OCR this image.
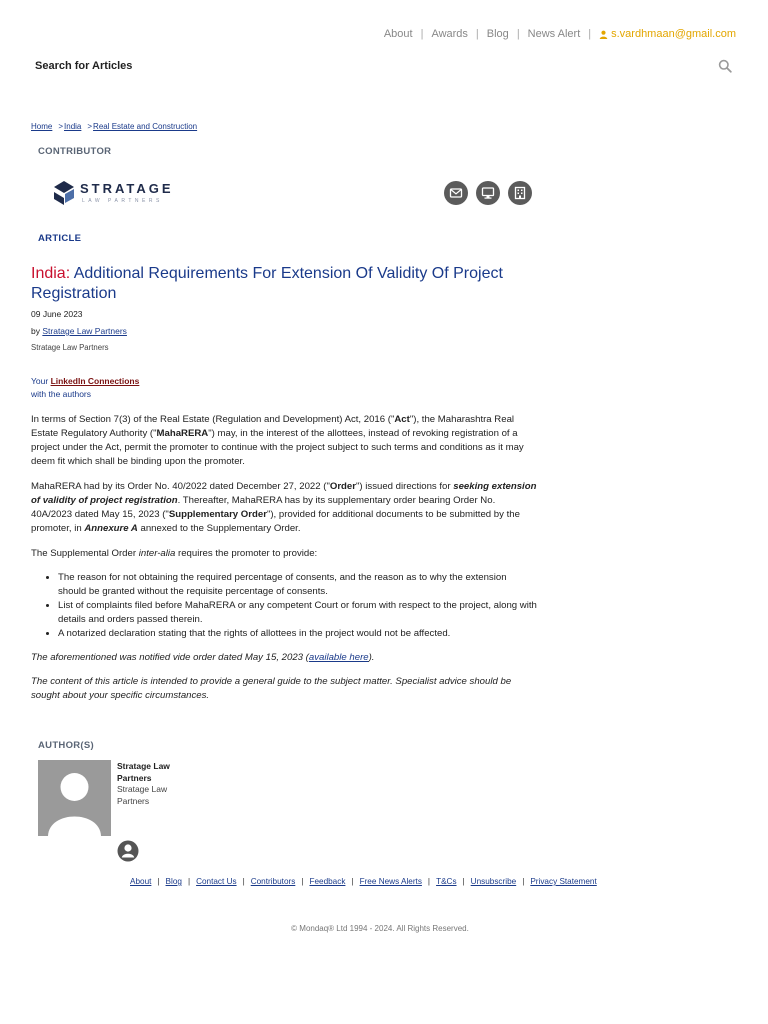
About | Awards | Blog | News Alert | s.vardhmaan@gmail.com
Search for Articles
Home >India >Real Estate and Construction
CONTRIBUTOR
STRATAGE
LAW PARTNERS
ARTICLE
India: Additional Requirements For Extension Of Validity Of Project Registration
09 June 2023
by Stratage Law Partners
Stratage Law Partners
Your LinkedIn Connections
with the authors

In terms of Section 7(3) of the Real Estate (Regulation and Development) Act, 2016 ("Act"), the Maharashtra Real Estate Regulatory Authority ("MahaRERA") may, in the interest of the allottees, instead of revoking registration of a project under the Act, permit the promoter to continue with the project subject to such terms and conditions as it may deem fit which shall be binding upon the promoter.

MahaRERA had by its Order No. 40/2022 dated December 27, 2022 ("Order") issued directions for seeking extension of validity of project registration. Thereafter, MahaRERA has by its supplementary order bearing Order No. 40A/2023 dated May 15, 2023 ("Supplementary Order"), provided for additional documents to be submitted by the promoter, in Annexure A annexed to the Supplementary Order.

The Supplemental Order inter-alia requires the promoter to provide:

• The reason for not obtaining the required percentage of consents, and the reason as to why the extension should be granted without the requisite percentage of consents.
• List of complaints filed before MahaRERA or any competent Court or forum with respect to the project, along with details and orders passed therein.
• A notarized declaration stating that the rights of allottees in the project would not be affected.

The aforementioned was notified vide order dated May 15, 2023 (available here).

The content of this article is intended to provide a general guide to the subject matter. Specialist advice should be sought about your specific circumstances.

AUTHOR(S)
Stratage Law Partners
Stratage Law Partners
About | Blog | Contact Us | Contributors | Feedback | Free News Alerts | T&Cs | Unsubscribe | Privacy Statement
© Mondaq® Ltd 1994 - 2024. All Rights Reserved.
